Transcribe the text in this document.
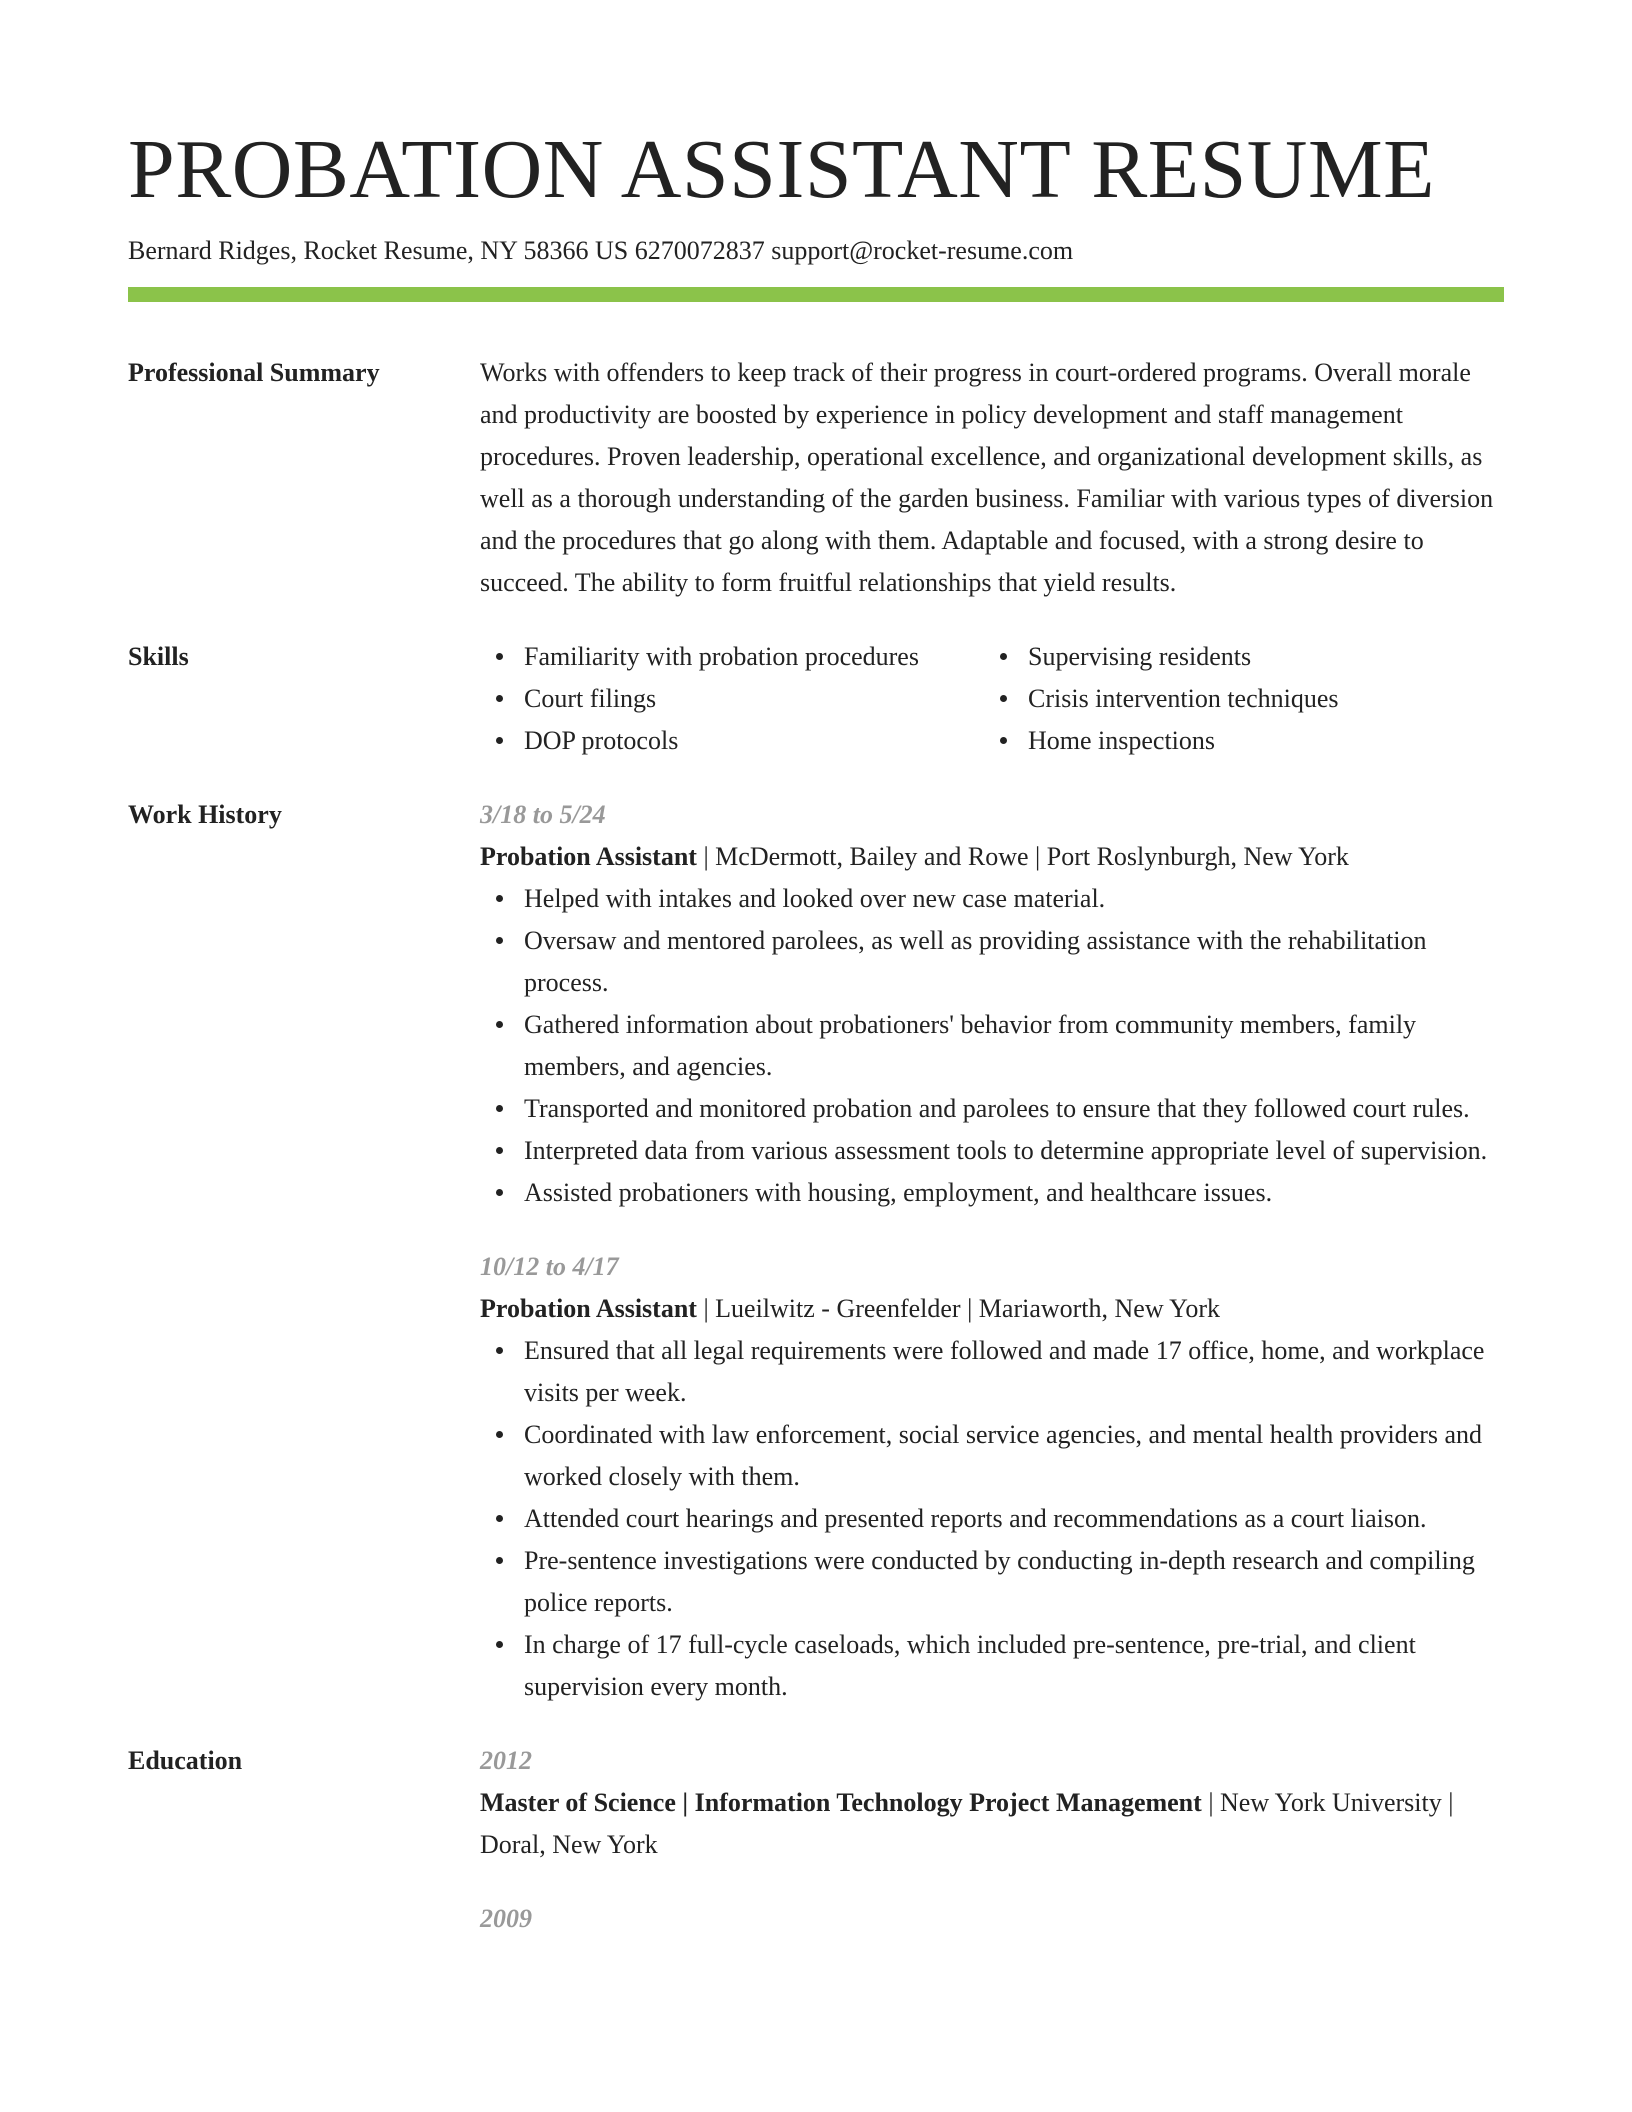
PROBATION ASSISTANT RESUME
Bernard Ridges, Rocket Resume, NY 58366 US 6270072837 support@rocket-resume.com
Professional Summary	Works with offenders to keep track of their progress in court-ordered programs. Overall morale and productivity are boosted by experience in policy development and staff management procedures. Proven leadership, operational excellence, and organizational development skills, as well as a thorough understanding of the garden business. Familiar with various types of diversion and the procedures that go along with them. Adaptable and focused, with a strong desire to succeed. The ability to form fruitful relationships that yield results.
Skills	Familiarity with probation procedures
Court filings
DOP protocols
Supervising residents
Crisis intervention techniques
Home inspections
Work History	3/18 to 5/24
Probation Assistant | McDermott, Bailey and Rowe | Port Roslynburgh, New York
Helped with intakes and looked over new case material.
Oversaw and mentored parolees, as well as providing assistance with the rehabilitation process.
Gathered information about probationers' behavior from community members, family members, and agencies.
Transported and monitored probation and parolees to ensure that they followed court rules.
Interpreted data from various assessment tools to determine appropriate level of supervision.
Assisted probationers with housing, employment, and healthcare issues.
10/12 to 4/17
Probation Assistant | Lueilwitz - Greenfelder | Mariaworth, New York
Ensured that all legal requirements were followed and made 17 office, home, and workplace visits per week.
Coordinated with law enforcement, social service agencies, and mental health providers and worked closely with them.
Attended court hearings and presented reports and recommendations as a court liaison.
Pre-sentence investigations were conducted by conducting in-depth research and compiling police reports.
In charge of 17 full-cycle caseloads, which included pre-sentence, pre-trial, and client supervision every month.
Education	2012
Master of Science | Information Technology Project Management | New York University | Doral, New York
2009
